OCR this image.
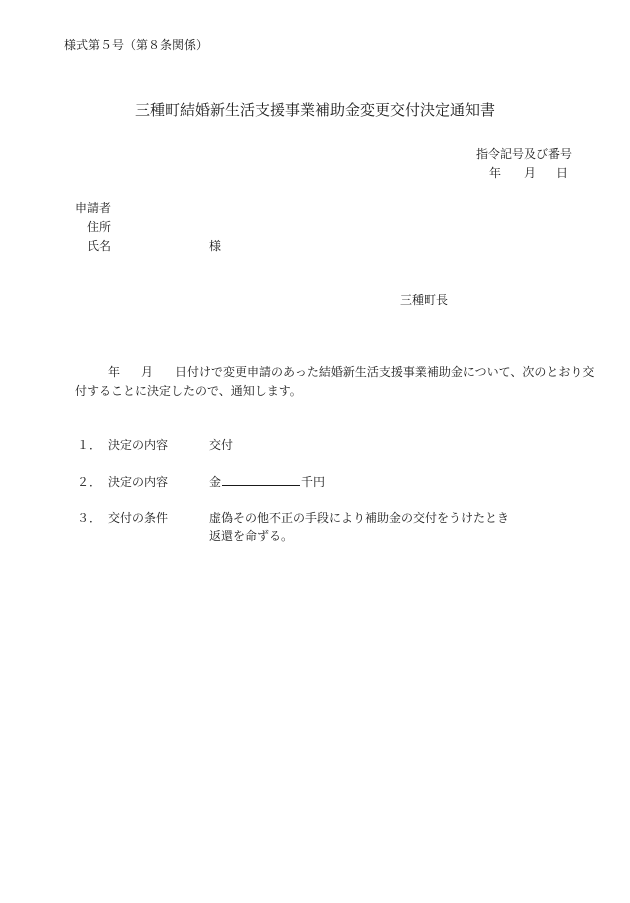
様式第５号（第８条関係）
三種町結婚新生活支援事業補助金変更交付決定通知書
指令記号及び番号
年 月 日
申請者
住所
氏名	様
三種町長
年 月 日付けで変更申請のあった結婚新生活支援事業補助金について、次のとおり交
付することに決定したので、通知します。
１． 決定の内容	交付
２． 決定の内容	金	千円
３． 交付の条件	虚偽その他不正の手段により補助金の交付をうけたとき
返還を命ずる。
